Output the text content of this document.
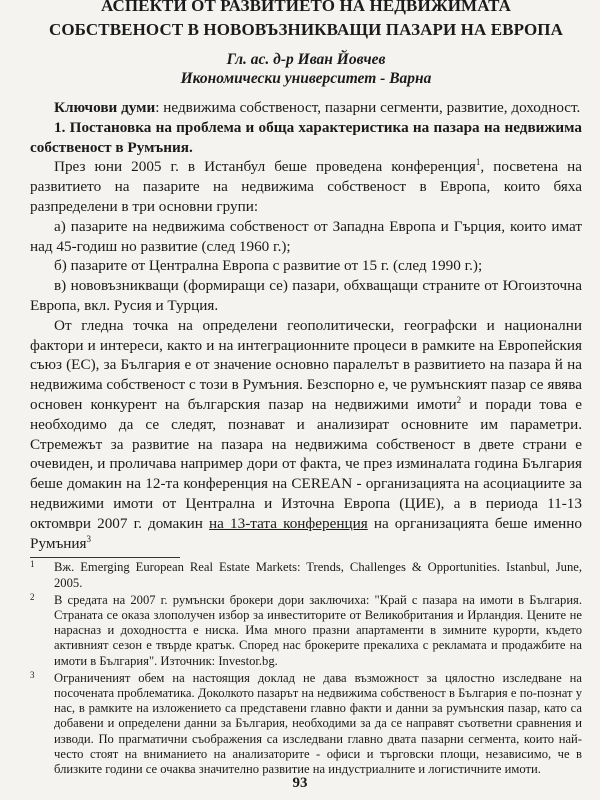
АСПЕКТИ ОТ РАЗВИТИЕТО НА НЕДВИЖИМАТА
СОБСТВЕНОСТ В НОВОВЪЗНИКВАЩИ ПАЗАРИ НА ЕВРОПА
Гл. ас. д-р Иван Йовчев
Икономически университет - Варна

Ключови думи: недвижима собственост, пазарни сегменти, развитие, доходност.

1. Постановка на проблема и обща характеристика на пазара на недвижима собственост в Румъния.

През юни 2005 г. в Истанбул беше проведена конференция$^1$, посветена на развитието на пазарите на недвижима собственост в Европа, които бяха разпределени в три основни групи:

а) пазарите на недвижима собственост от Западна Европа и Гърция, които имат над 45-годиш но развитие (след 1960 г.);

б) пазарите от Централна Европа с развитие от 15 г. (след 1990 г.);

в) нововъзникващи (формиращи се) пазари, обхващащи страните от Югоизточна Европа, вкл. Русия и Турция.

От гледна точка на определени геополитически, географски и национални фактори и интереси, както и на интеграционните процеси в рамките на Европейския съюз (ЕС), за България е от значение основно паралелът в развитието на пазара й на недвижима собственост с този в Румъния. Безспорно е, че румънският пазар се явява основен конкурент на българския пазар на недвижими имоти$^2$ и поради това е необходимо да се следят, познават и анализират основните им параметри. Стремежът за развитие на пазара на недвижима собственост в двете страни е очевиден, и проличава например дори от факта, че през изминалата година България беше домакин на 12-та конференция на CEREAN - организацията на асоциациите за недвижими имоти от Централна и Източна Европа (ЦИЕ), а в периода 11-13 октомври 2007 г. домакин на 13-тата конференция на организацията беше именно Румъния$^3$

1 Вж. Emerging European Real Estate Markets: Trends, Challenges & Opportunities. Istanbul, June, 2005.
2 В средата на 2007 г. румънски брокери дори заключиха: "Край с пазара на имоти в България. Страната се оказа злополучен избор за инвеститорите от Великобритания и Ирландия. Цените не нарасназ и доходността е ниска. Има много празни апартаменти в зимните курорти, където активният сезон е твърде кратък. Според нас брокерите прекалиха с рекламата и продажбите на имоти в България". Източник: Investor.bg.
3 Ограниченият обем на настоящия доклад не дава възможност за цялостно изследване на посочената проблематика. Доколкото пазарът на недвижима собственост в България е по-познат у нас, в рамките на изложението са представени главно факти и данни за румънския пазар, като са добавени и определени данни за България, необходими за да се направят съответни сравнения и изводи. По прагматични съображения са изследвани главно двата пазарни сегмента, които най-често стоят на вниманието на анализаторите - офиси и търговски площи, независимо, че в близките години се очаква значително развитие на индустриалните и логистичните имоти.
93
